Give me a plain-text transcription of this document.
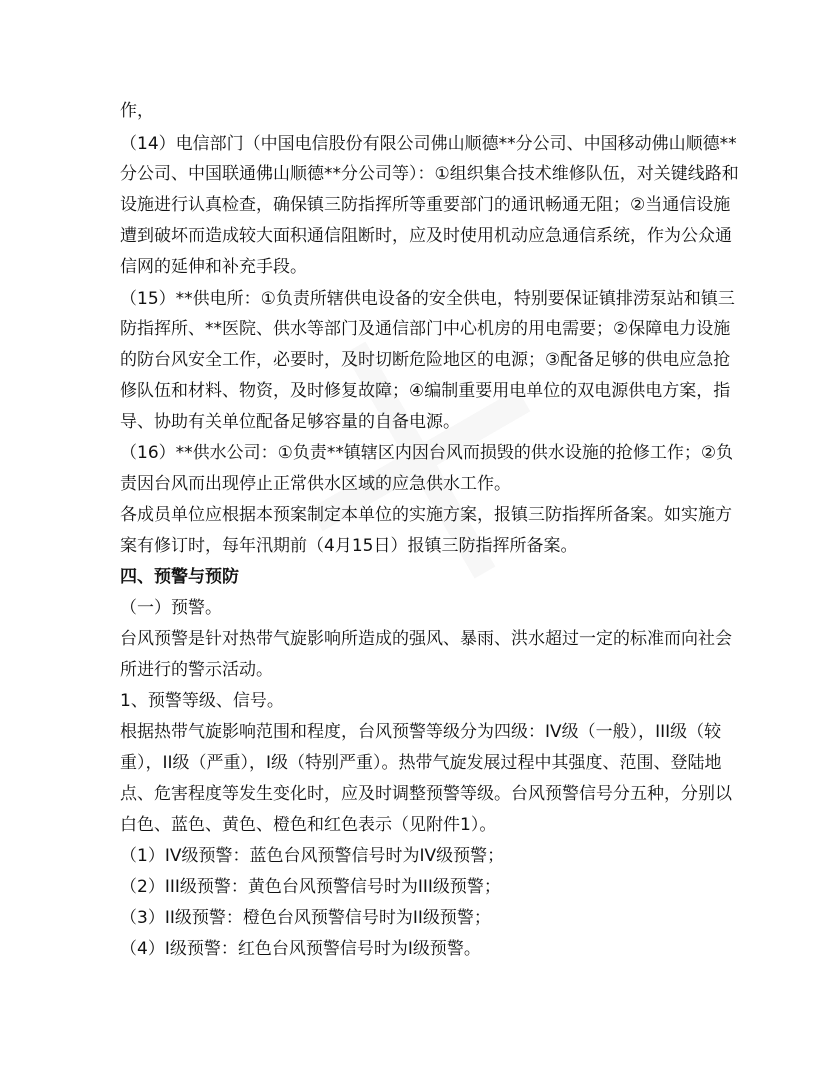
作，
（14）电信部门（中国电信股份有限公司佛山顺德**分公司、中国移动佛山顺德**
分公司、中国联通佛山顺德**分公司等）：①组织集合技术维修队伍，对关键线路和
设施进行认真检查，确保镇三防指挥所等重要部门的通讯畅通无阻；②当通信设施
遭到破坏而造成较大面积通信阻断时，应及时使用机动应急通信系统，作为公众通
信网的延伸和补充手段。
（15）**供电所：①负责所辖供电设备的安全供电，特别要保证镇排涝泵站和镇三
防指挥所、**医院、供水等部门及通信部门中心机房的用电需要；②保障电力设施
的防台风安全工作，必要时，及时切断危险地区的电源；③配备足够的供电应急抢
修队伍和材料、物资，及时修复故障；④编制重要用电单位的双电源供电方案，指
导、协助有关单位配备足够容量的自备电源。
（16）**供水公司：①负责**镇辖区内因台风而损毁的供水设施的抢修工作；②负
责因台风而出现停止正常供水区域的应急供水工作。
各成员单位应根据本预案制定本单位的实施方案，报镇三防指挥所备案。如实施方
案有修订时，每年汛期前（4月15日）报镇三防指挥所备案。
四、预警与预防
（一）预警。
台风预警是针对热带气旋影响所造成的强风、暴雨、洪水超过一定的标准而向社会
所进行的警示活动。
1、预警等级、信号。
根据热带气旋影响范围和程度，台风预警等级分为四级：IV级（一般），III级（较
重），II级（严重），I级（特别严重）。热带气旋发展过程中其强度、范围、登陆地
点、危害程度等发生变化时，应及时调整预警等级。台风预警信号分五种，分别以
白色、蓝色、黄色、橙色和红色表示（见附件1）。
（1）IV级预警：蓝色台风预警信号时为IV级预警；
（2）III级预警：黄色台风预警信号时为III级预警；
（3）II级预警：橙色台风预警信号时为II级预警；
（4）I级预警：红色台风预警信号时为I级预警。
